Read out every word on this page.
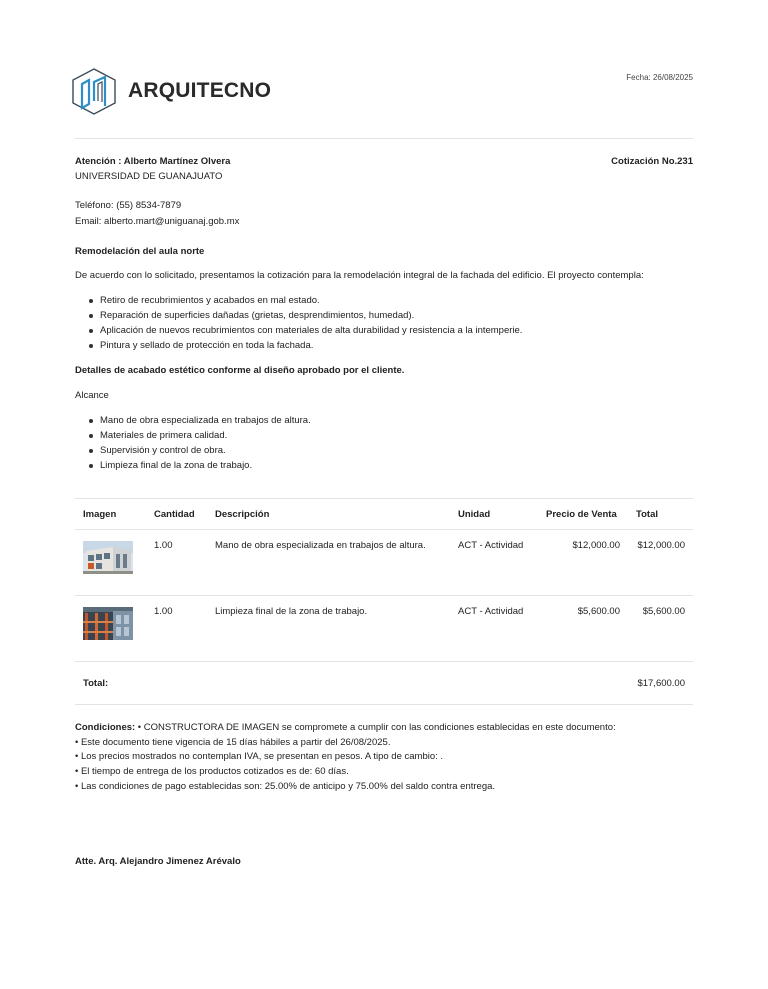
ARQUITECNO
Fecha: 26/08/2025
Atención : Alberto Martínez Olvera	Cotización No.231
UNIVERSIDAD DE GUANAJUATO
Teléfono: (55) 8534-7879
Email: alberto.mart@uniguanaj.gob.mx
Remodelación del aula norte
De acuerdo con lo solicitado, presentamos la cotización para la remodelación integral de la fachada del edificio. El proyecto contempla:
Retiro de recubrimientos y acabados en mal estado.
Reparación de superficies dañadas (grietas, desprendimientos, humedad).
Aplicación de nuevos recubrimientos con materiales de alta durabilidad y resistencia a la intemperie.
Pintura y sellado de protección en toda la fachada.
Detalles de acabado estético conforme al diseño aprobado por el cliente.
Alcance
Mano de obra especializada en trabajos de altura.
Materiales de primera calidad.
Supervisión y control de obra.
Limpieza final de la zona de trabajo.
Imagen	Cantidad	Descripción	Unidad	Precio de Venta	Total

	1.00	Mano de obra especializada en trabajos de altura.	ACT - Actividad	$12,000.00	$12,000.00

	1.00	Limpieza final de la zona de trabajo.	ACT - Actividad	$5,600.00	$5,600.00
Total:					$17,600.00
Condiciones: • CONSTRUCTORA DE IMAGEN se compromete a cumplir con las condiciones establecidas en este documento:
• Este documento tiene vigencia de 15 días hábiles a partir del 26/08/2025.
• Los precios mostrados no contemplan IVA, se presentan en pesos. A tipo de cambio: .
• El tiempo de entrega de los productos cotizados es de: 60 días.
• Las condiciones de pago establecidas son: 25.00% de anticipo y 75.00% del saldo contra entrega.
Atte. Arq. Alejandro Jimenez Arévalo
